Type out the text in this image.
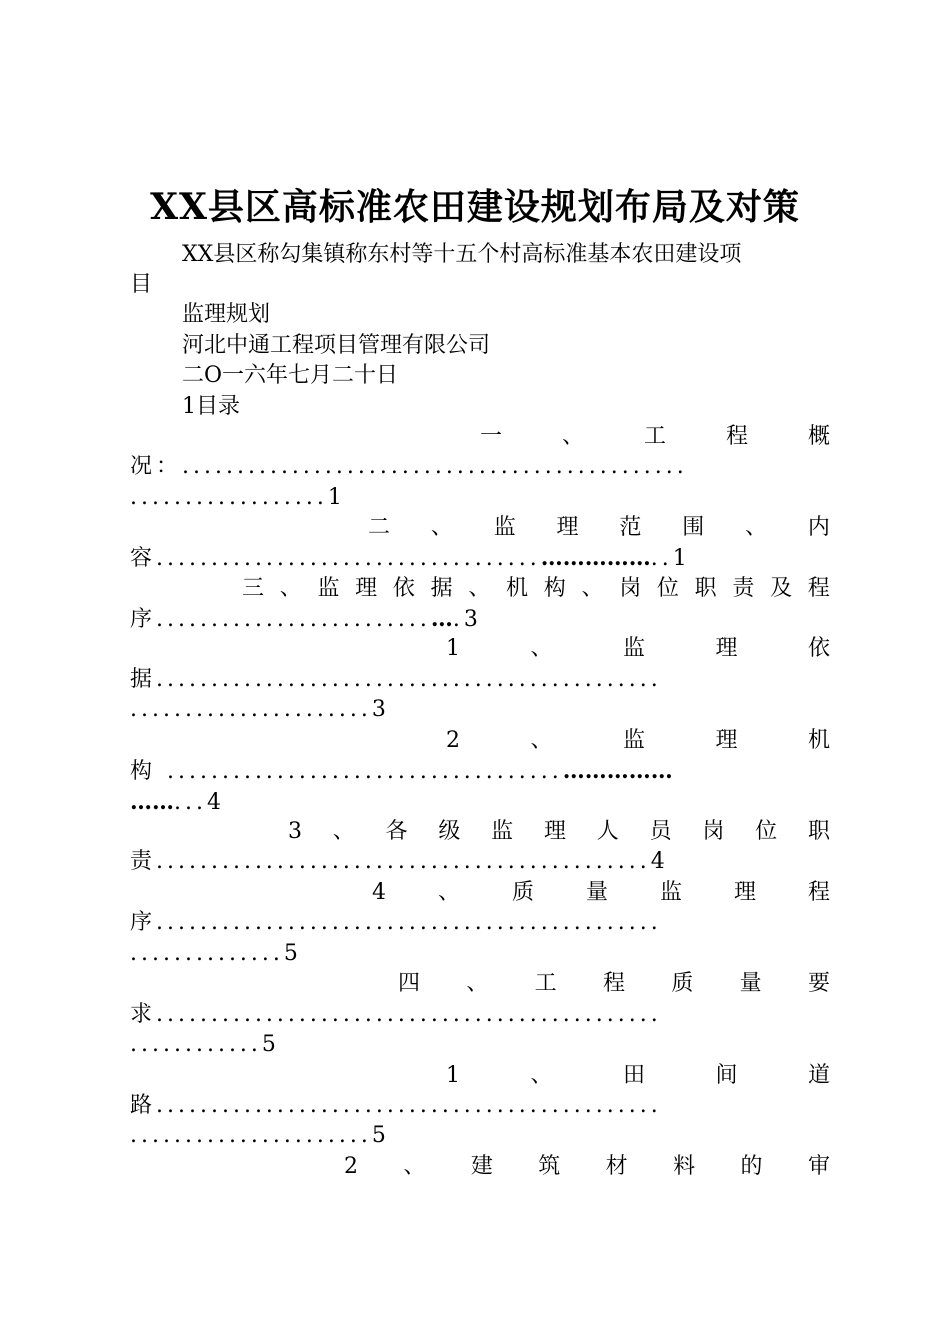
XX县区高标准农田建设规划布局及对策
XX县区称勾集镇称东村等十五个村高标准基本农田建设项
目
监理规划
河北中通工程项目管理有限公司
二O一六年七月二十日
1目录
一	、	工	程	概
况：..............................................
..................1
二 、 监 理 范 围 、 内
容...................................……………..1
三 、 监 理 依 据 、 机 构 、 岗 位 职 责 及 程
序.........................….3
1	、	监	理	依
据..............................................
......................3
2	、	监	理	机
构 ....................................……………
……...4
3 、 各 级 监 理 人 员 岗 位 职
责.............................................4
4 、 质 量 监 理 程
序..............................................
..............5
四 、 工 程 质 量 要
求..............................................
............5
1	、	田	间	道
路..............................................
......................5
2 、 建 筑 材 料 的 审
